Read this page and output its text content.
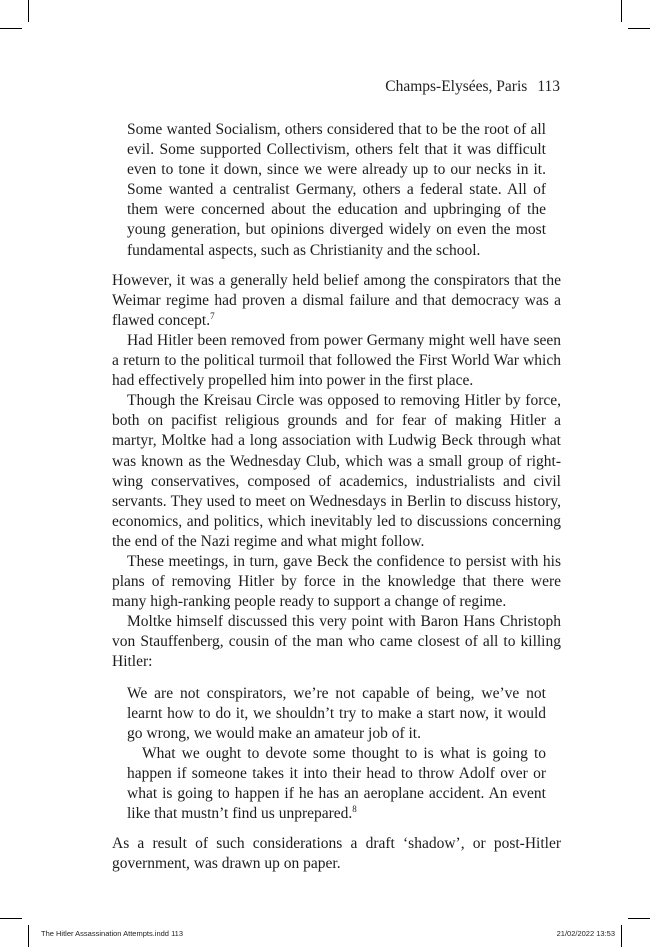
Champs-Elysées, Paris 113

Some wanted Socialism, others considered that to be the root of all evil. Some supported Collectivism, others felt that it was difficult even to tone it down, since we were already up to our necks in it. Some wanted a centralist Germany, others a federal state. All of them were concerned about the education and upbringing of the young generation, but opinions diverged widely on even the most fundamental aspects, such as Christianity and the school.

However, it was a generally held belief among the conspirators that the Weimar regime had proven a dismal failure and that democracy was a flawed concept.$^7$

Had Hitler been removed from power Germany might well have seen a return to the political turmoil that followed the First World War which had effectively propelled him into power in the first place.

Though the Kreisau Circle was opposed to removing Hitler by force, both on pacifist religious grounds and for fear of making Hitler a martyr, Moltke had a long association with Ludwig Beck through what was known as the Wednesday Club, which was a small group of right-wing conservatives, composed of academics, industrialists and civil servants. They used to meet on Wednesdays in Berlin to discuss history, economics, and politics, which inevitably led to discussions concerning the end of the Nazi regime and what might follow.

These meetings, in turn, gave Beck the confidence to persist with his plans of removing Hitler by force in the knowledge that there were many high-ranking people ready to support a change of regime.

Moltke himself discussed this very point with Baron Hans Christoph von Stauffenberg, cousin of the man who came closest of all to killing Hitler:

We are not conspirators, we’re not capable of being, we’ve not learnt how to do it, we shouldn’t try to make a start now, it would go wrong, we would make an amateur job of it.

What we ought to devote some thought to is what is going to happen if someone takes it into their head to throw Adolf over or what is going to happen if he has an aeroplane accident. An event like that mustn’t find us unprepared.$^8$

As a result of such considerations a draft ‘shadow’, or post-Hitler government, was drawn up on paper.

The Hitler Assassination Attempts.indd 113	21/02/2022 13:53
